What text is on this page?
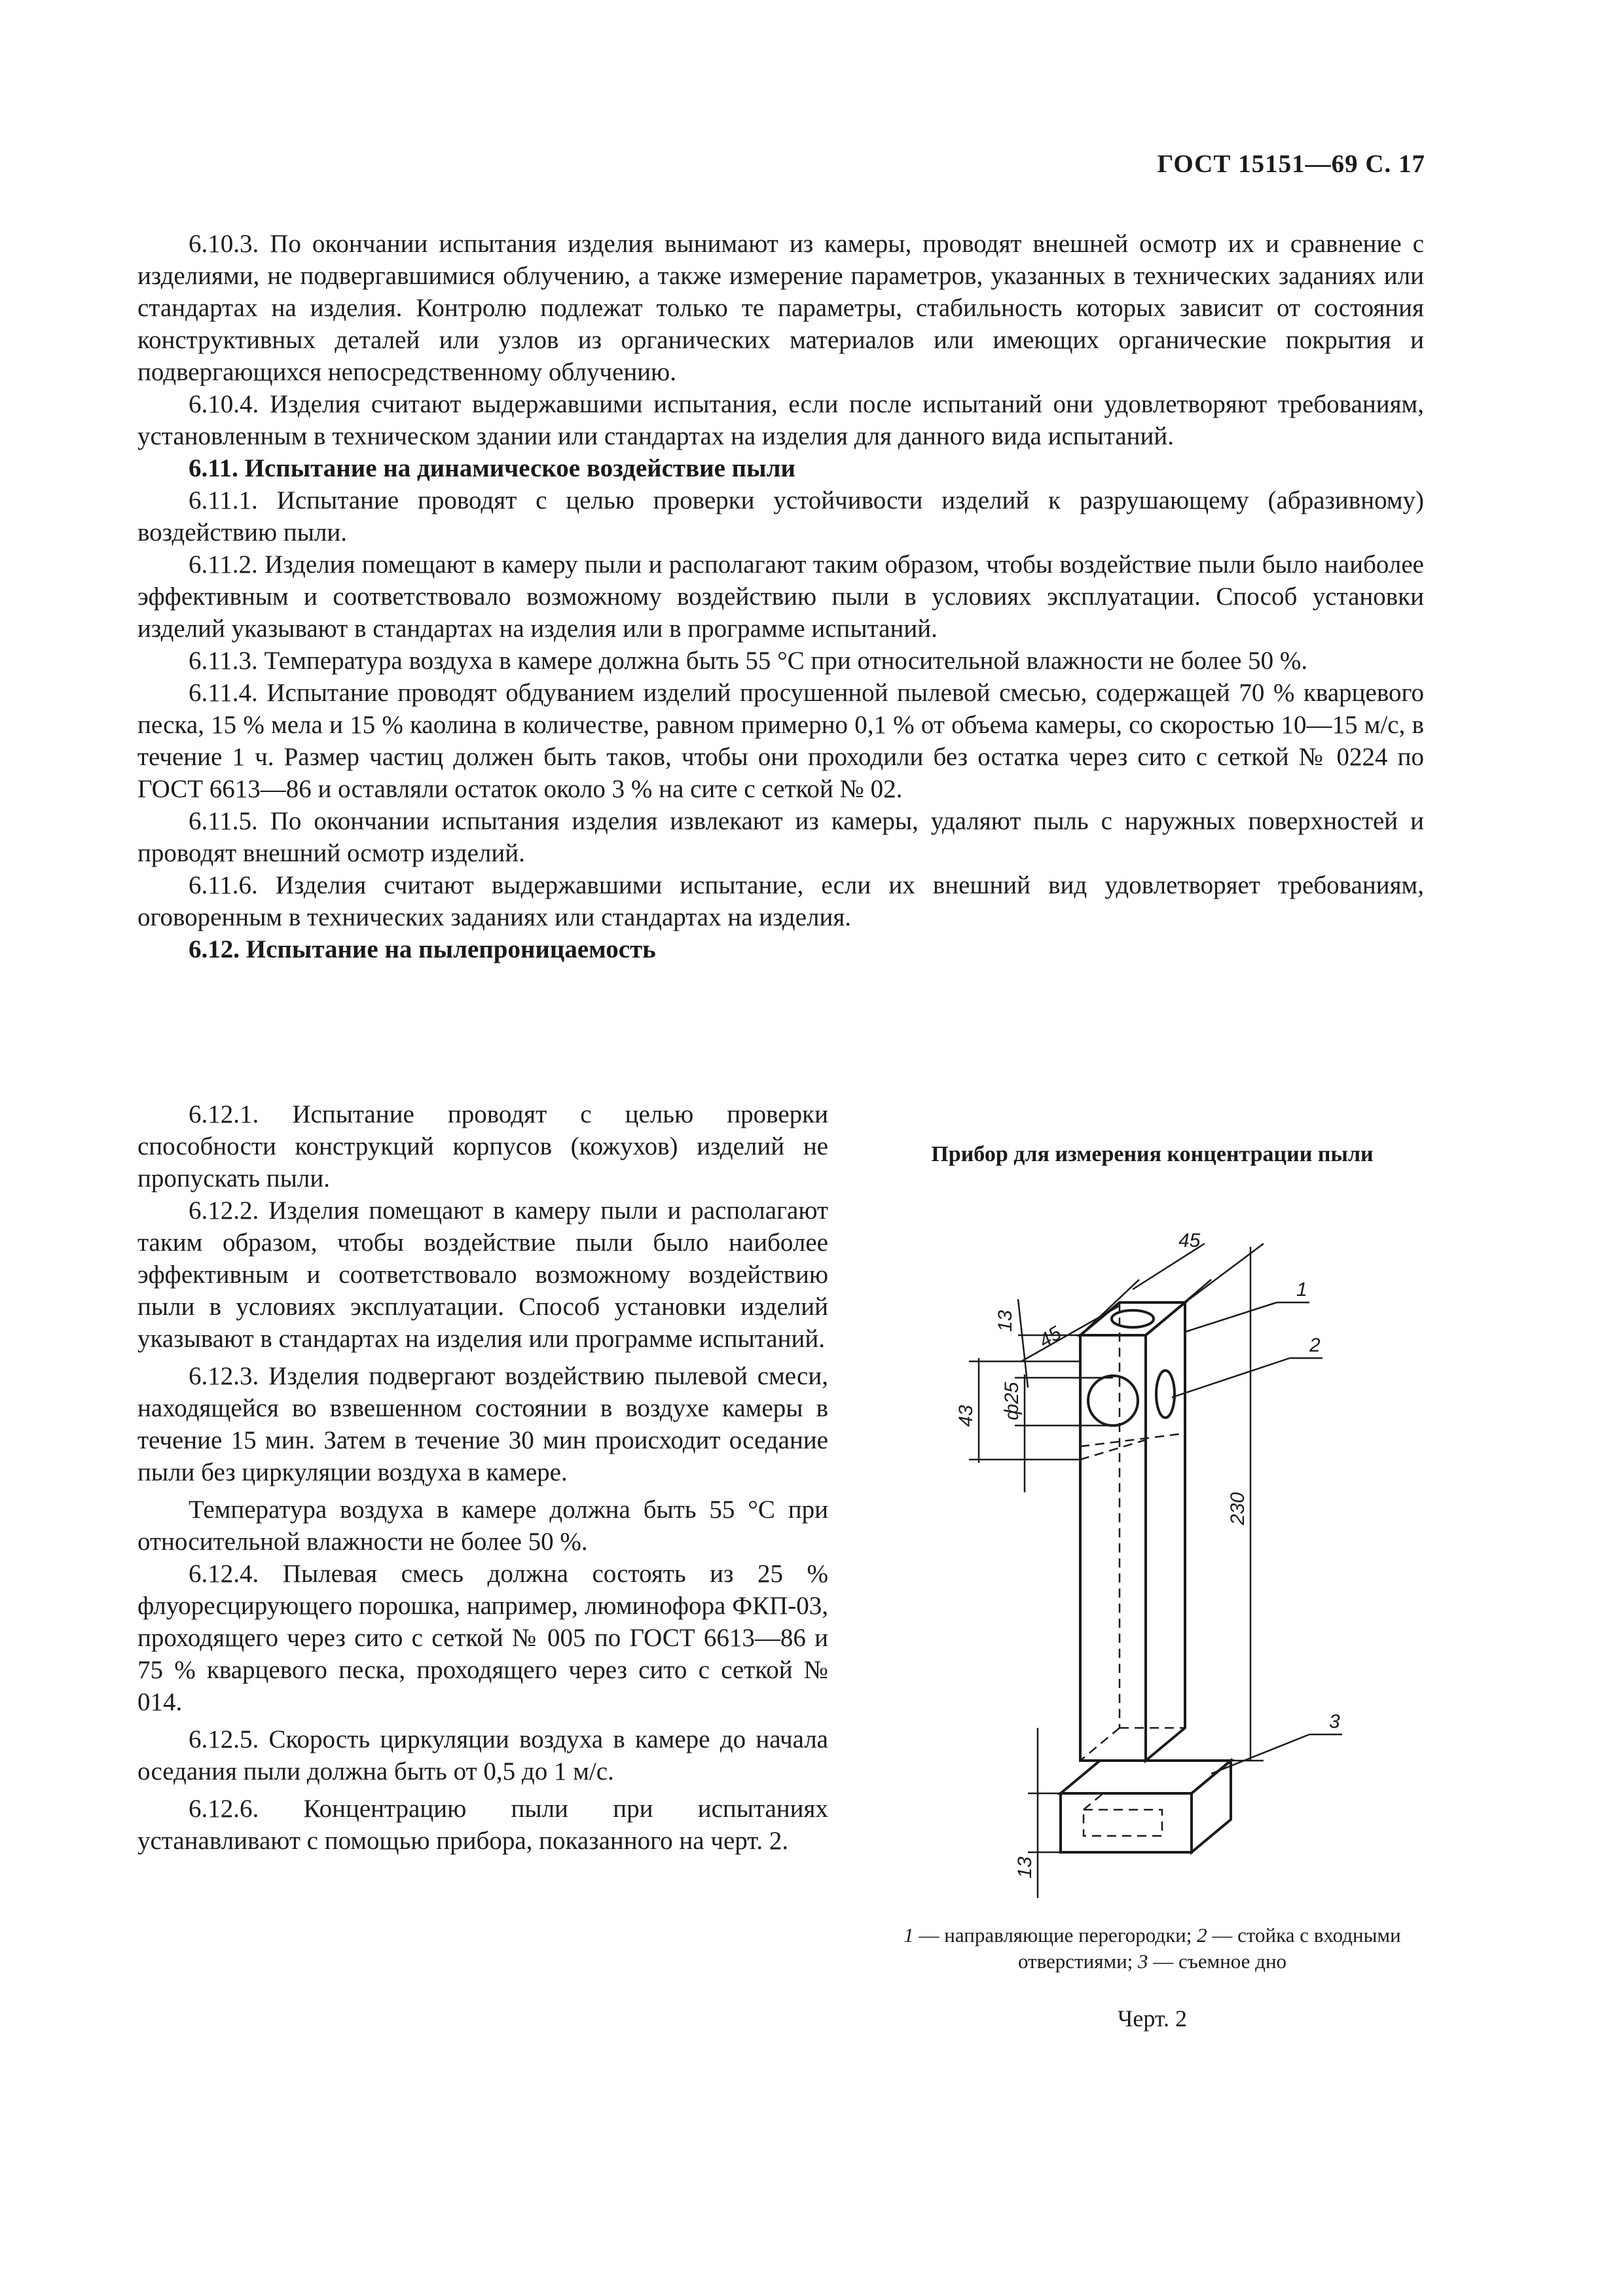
ГОСТ 15151—69 С. 17

6.10.3. По окончании испытания изделия вынимают из камеры, проводят внешней осмотр их и сравнение с изделиями, не подвергавшимися облучению, а также измерение параметров, указанных в технических заданиях или стандартах на изделия. Контролю подлежат только те параметры, стабильность которых зависит от состояния конструктивных деталей или узлов из органических материалов или имеющих органические покрытия и подвергающихся непосредственному облучению.

6.10.4. Изделия считают выдержавшими испытания, если после испытаний они удовлетворяют требованиям, установленным в техническом здании или стандартах на изделия для данного вида испытаний.

6.11. Испытание на динамическое воздействие пыли

6.11.1. Испытание проводят с целью проверки устойчивости изделий к разрушающему (абразивному) воздействию пыли.

6.11.2. Изделия помещают в камеру пыли и располагают таким образом, чтобы воздействие пыли было наиболее эффективным и соответствовало возможному воздействию пыли в условиях эксплуатации. Способ установки изделий указывают в стандартах на изделия или в программе испытаний.

6.11.3. Температура воздуха в камере должна быть 55 °С при относительной влажности не более 50 %.

6.11.4. Испытание проводят обдуванием изделий просушенной пылевой смесью, содержащей 70 % кварцевого песка, 15 % мела и 15 % каолина в количестве, равном примерно 0,1 % от объема камеры, со скоростью 10—15 м/с, в течение 1 ч. Размер частиц должен быть таков, чтобы они проходили без остатка через сито с сеткой № 0224 по ГОСТ 6613—86 и оставляли остаток около 3 % на сите с сеткой № 02.

6.11.5. По окончании испытания изделия извлекают из камеры, удаляют пыль с наружных поверхностей и проводят внешний осмотр изделий.

6.11.6. Изделия считают выдержавшими испытание, если их внешний вид удовлетворяет требованиям, оговоренным в технических заданиях или стандартах на изделия.

6.12. Испытание на пылепроницаемость

6.12.1. Испытание проводят с целью проверки способности конструкций корпусов (кожухов) изделий не пропускать пыли.

6.12.2. Изделия помещают в камеру пыли и располагают таким образом, чтобы воздействие пыли было наиболее эффективным и соответствовало возможному воздействию пыли в условиях эксплуатации. Способ установки изделий указывают в стандартах на изделия или программе испытаний.

6.12.3. Изделия подвергают воздействию пылевой смеси, находящейся во взвешенном состоянии в воздухе камеры в течение 15 мин. Затем в течение 30 мин происходит оседание пыли без циркуляции воздуха в камере.

Температура воздуха в камере должна быть 55 °С при относительной влажности не более 50 %.

6.12.4. Пылевая смесь должна состоять из 25 % флуоресцирующего порошка, например, люминофора ФКП-03, проходящего через сито с сеткой № 005 по ГОСТ 6613—86 и 75 % кварцевого песка, проходящего через сито с сеткой № 014.

6.12.5. Скорость циркуляции воздуха в камере до начала оседания пыли должна быть от 0,5 до 1 м/с.

6.12.6. Концентрацию пыли при испытаниях устанавливают с помощью прибора, показанного на черт. 2.

Прибор для измерения концентрации пыли
45
45
13
43 ф25
230
13
1
2
3
1 — направляющие перегородки; 2 — стойка с входными отверстиями; 3 — съемное дно
Черт. 2
